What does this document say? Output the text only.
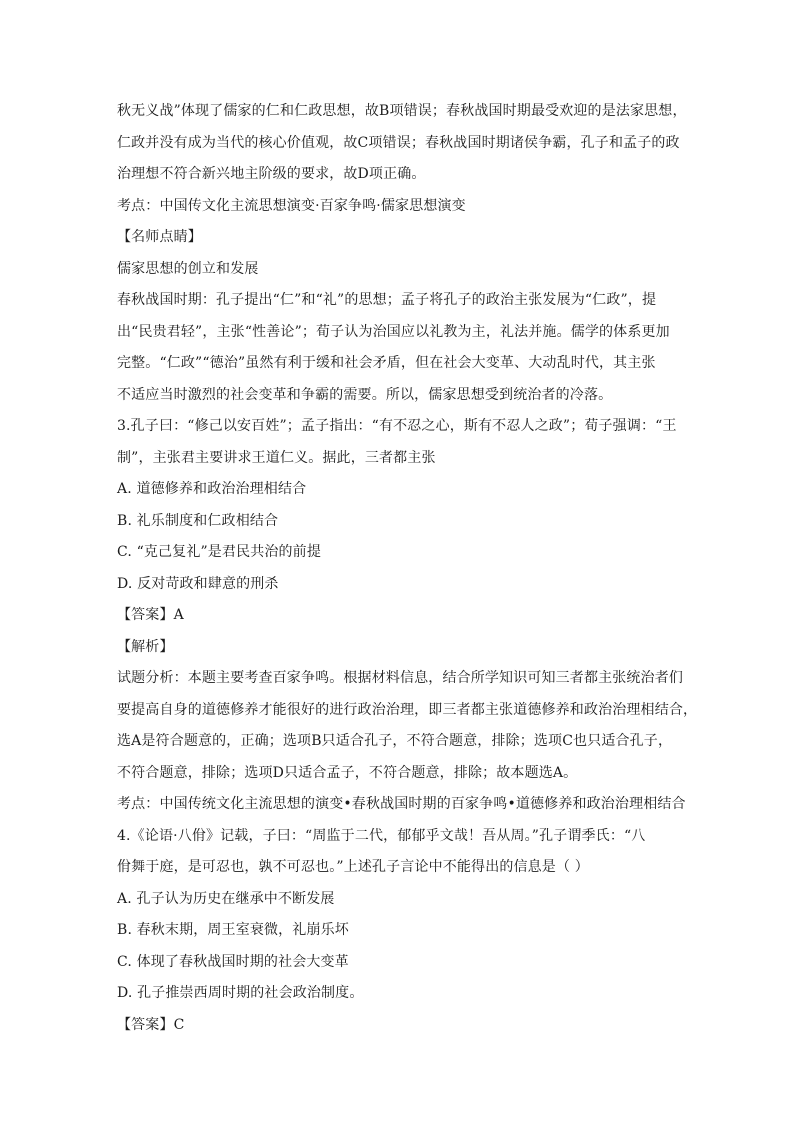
秋无义战”体现了儒家的仁和仁政思想，故B项错误；春秋战国时期最受欢迎的是法家思想，
仁政并没有成为当代的核心价值观，故C项错误；春秋战国时期诸侯争霸，孔子和孟子的政
治理想不符合新兴地主阶级的要求，故D项正确。
考点：中国传文化主流思想演变·百家争鸣·儒家思想演变
【名师点睛】
儒家思想的创立和发展
春秋战国时期：孔子提出“仁”和“礼”的思想；孟子将孔子的政治主张发展为“仁政”，提
出“民贵君轻”，主张“性善论”；荀子认为治国应以礼教为主，礼法并施。儒学的体系更加
完整。“仁政”“德治”虽然有利于缓和社会矛盾，但在社会大变革、大动乱时代，其主张
不适应当时激烈的社会变革和争霸的需要。所以，儒家思想受到统治者的冷落。
3.孔子曰：“修己以安百姓”；孟子指出：“有不忍之心，斯有不忍人之政”；荀子强调：“王
制”，主张君主要讲求王道仁义。据此，三者都主张
A. 道德修养和政治治理相结合
B. 礼乐制度和仁政相结合
C. “克己复礼”是君民共治的前提
D. 反对苛政和肆意的刑杀
【答案】A
【解析】
试题分析：本题主要考查百家争鸣。根据材料信息，结合所学知识可知三者都主张统治者们
要提高自身的道德修养才能很好的进行政治治理，即三者都主张道德修养和政治治理相结合，
选A是符合题意的，正确；选项B只适合孔子，不符合题意，排除；选项C也只适合孔子，
不符合题意，排除；选项D只适合孟子，不符合题意，排除；故本题选A。
考点：中国传统文化主流思想的演变•春秋战国时期的百家争鸣•道德修养和政治治理相结合
4.《论语·八佾》记载，子曰：“周监于二代，郁郁乎文哉！吾从周。”孔子谓季氏：“八
佾舞于庭，是可忍也，孰不可忍也。”上述孔子言论中不能得出的信息是（ ）
A. 孔子认为历史在继承中不断发展
B. 春秋末期，周王室衰微，礼崩乐坏
C. 体现了春秋战国时期的社会大变革
D. 孔子推崇西周时期的社会政治制度。
【答案】C
